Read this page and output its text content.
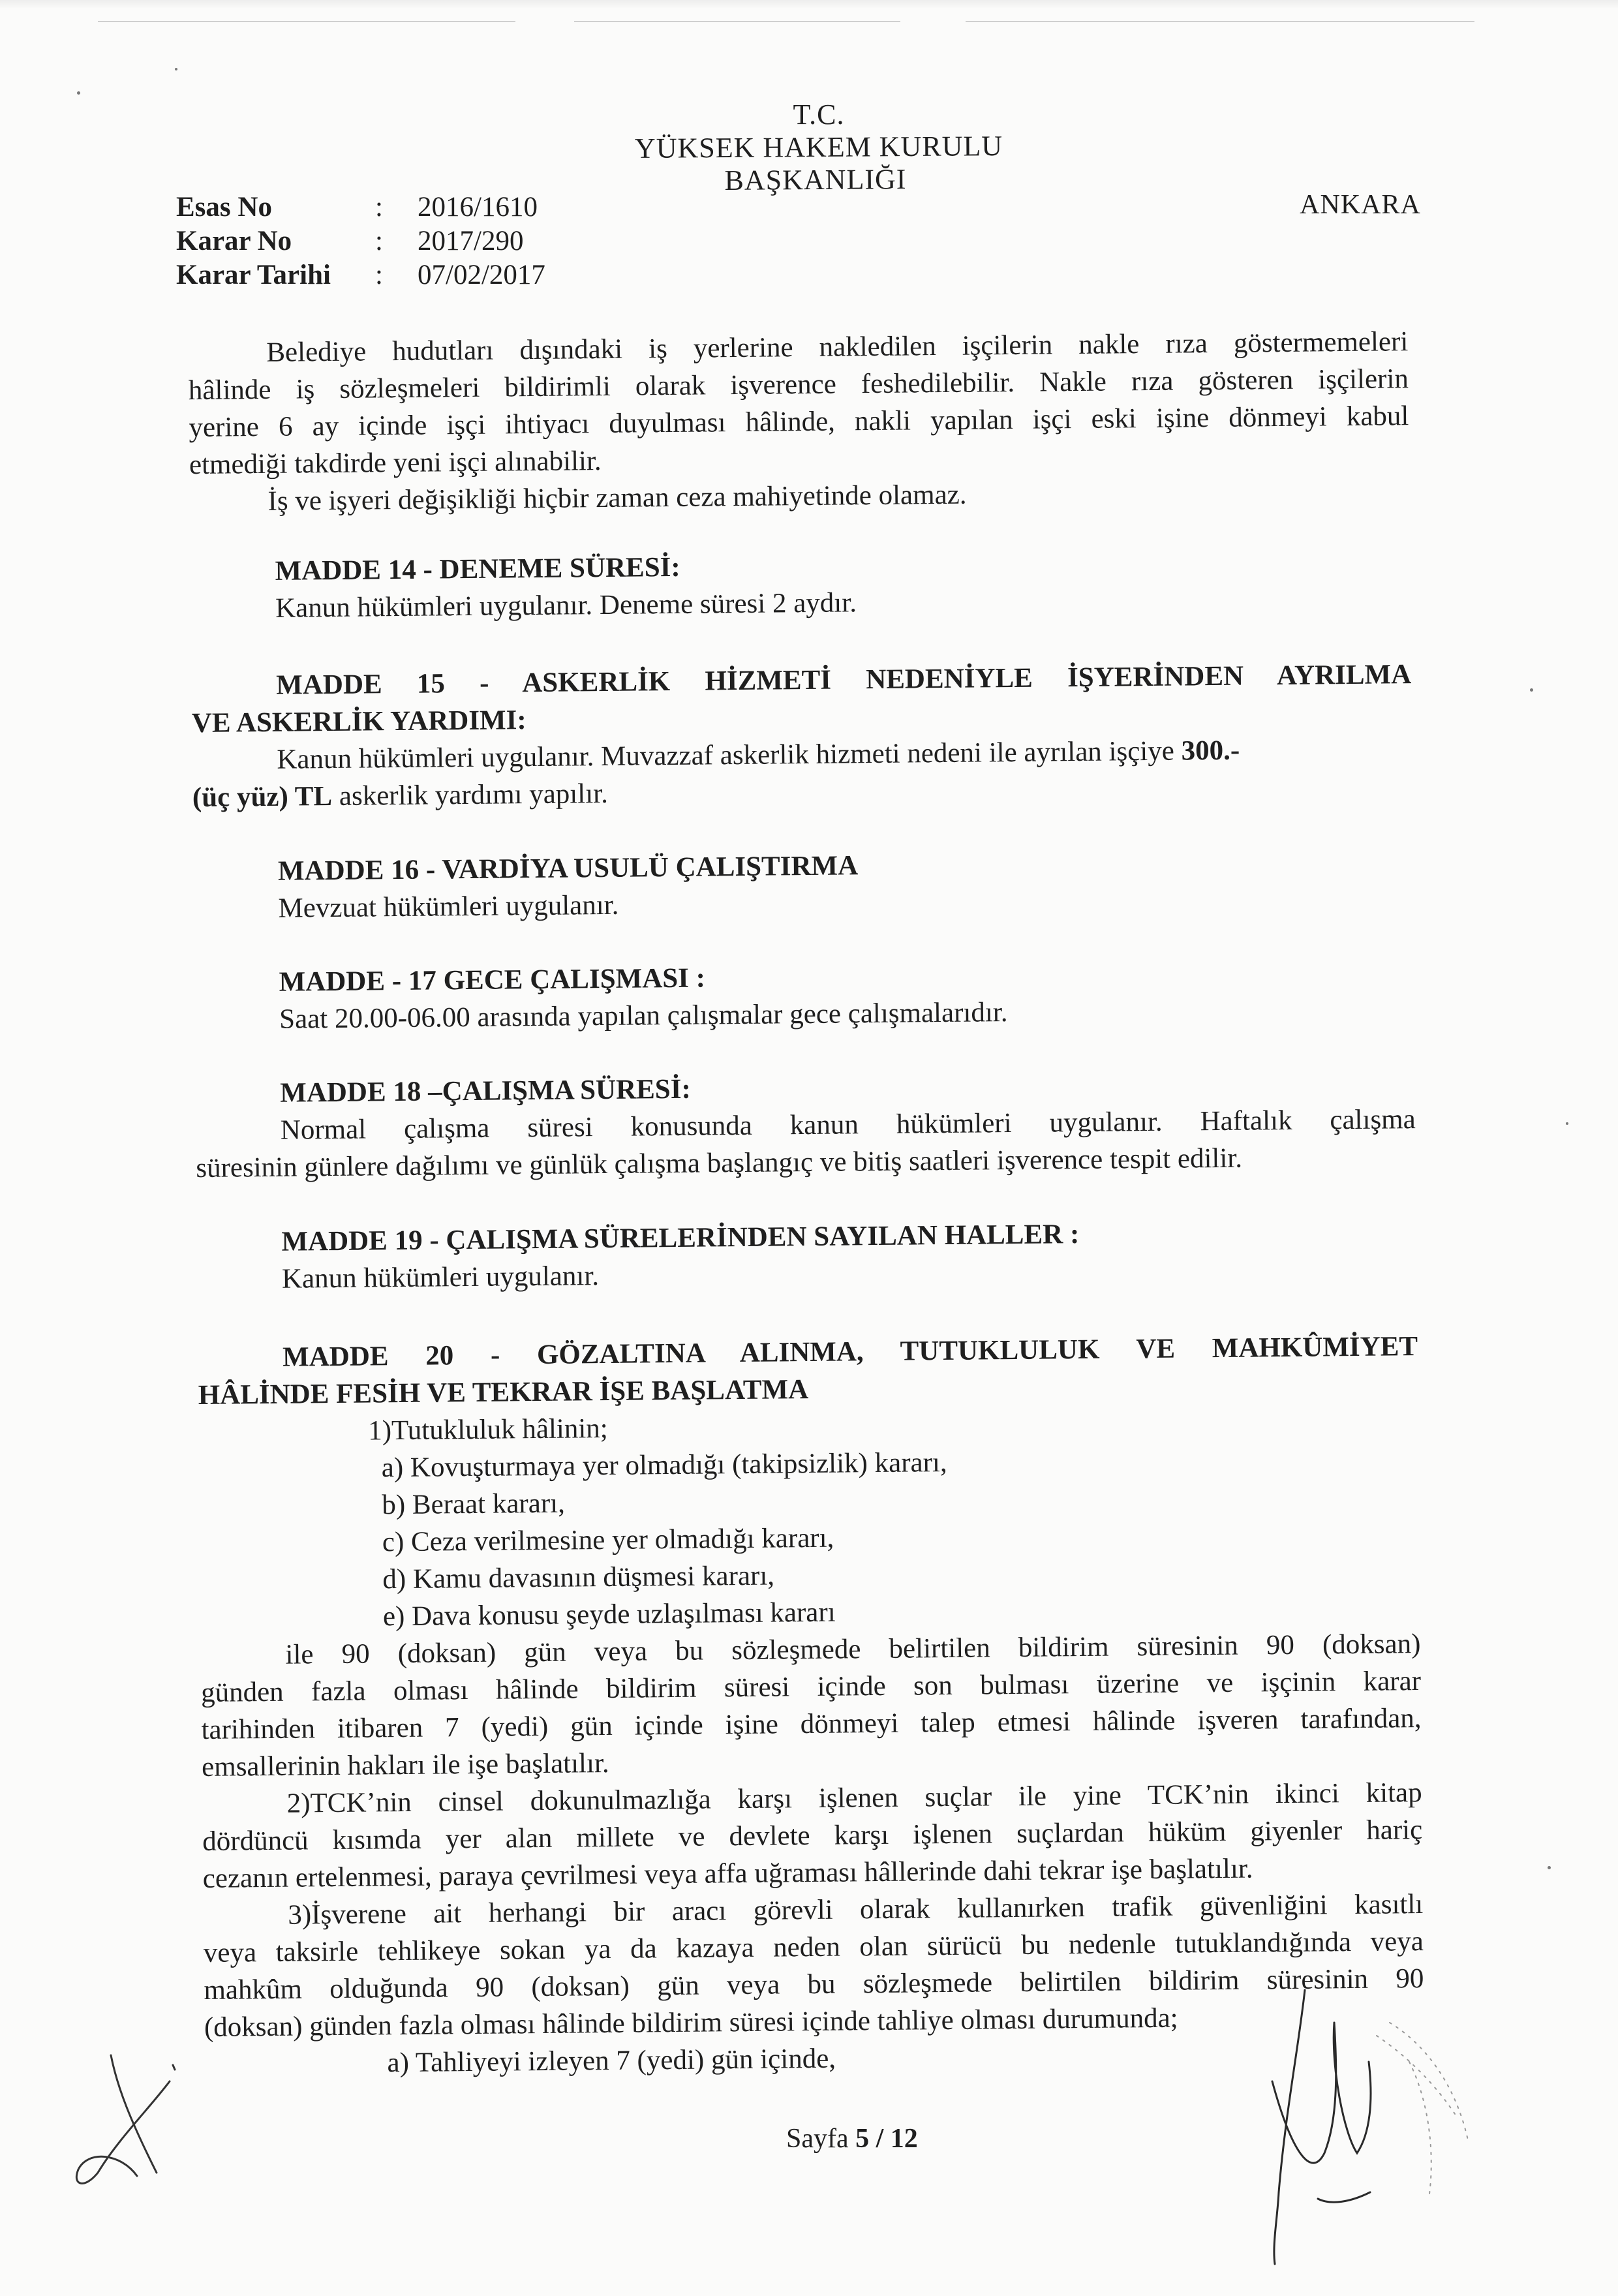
T.C.
YÜKSEK HAKEM KURULU
BAŞKANLIĞI
ANKARA
Esas No	: 2016/1610
Karar No	: 2017/290
Karar Tarihi : 07/02/2017
Belediye hudutları dışındaki iş yerlerine nakledilen işçilerin nakle rıza göstermemeleri
hâlinde iş sözleşmeleri bildirimli olarak işverence feshedilebilir. Nakle rıza gösteren işçilerin
yerine 6 ay içinde işçi ihtiyacı duyulması hâlinde, nakli yapılan işçi eski işine dönmeyi kabul
etmediği takdirde yeni işçi alınabilir.
İş ve işyeri değişikliği hiçbir zaman ceza mahiyetinde olamaz.
MADDE 14 - DENEME SÜRESİ:
Kanun hükümleri uygulanır. Deneme süresi 2 aydır.
MADDE 15 - ASKERLİK HİZMETİ NEDENİYLE İŞYERİNDEN AYRILMA
VE ASKERLİK YARDIMI:
Kanun hükümleri uygulanır. Muvazzaf askerlik hizmeti nedeni ile ayrılan işçiye 300.-
(üç yüz) TL askerlik yardımı yapılır.
MADDE 16 - VARDİYA USULÜ ÇALIŞTIRMA
Mevzuat hükümleri uygulanır.
MADDE - 17 GECE ÇALIŞMASI :
Saat 20.00-06.00 arasında yapılan çalışmalar gece çalışmalarıdır.
MADDE 18 –ÇALIŞMA SÜRESİ:
Normal çalışma süresi konusunda kanun hükümleri uygulanır. Haftalık çalışma
süresinin günlere dağılımı ve günlük çalışma başlangıç ve bitiş saatleri işverence tespit edilir.
MADDE 19 - ÇALIŞMA SÜRELERİNDEN SAYILAN HALLER :
Kanun hükümleri uygulanır.
MADDE 20 - GÖZALTINA ALINMA, TUTUKLULUK VE MAHKÛMİYET
HÂLİNDE FESİH VE TEKRAR İŞE BAŞLATMA
1)Tutukluluk hâlinin;
a) Kovuşturmaya yer olmadığı (takipsizlik) kararı,
b) Beraat kararı,
c) Ceza verilmesine yer olmadığı kararı,
d) Kamu davasının düşmesi kararı,
e) Dava konusu şeyde uzlaşılması kararı
ile 90 (doksan) gün veya bu sözleşmede belirtilen bildirim süresinin 90 (doksan)
günden fazla olması hâlinde bildirim süresi içinde son bulması üzerine ve işçinin karar
tarihinden itibaren 7 (yedi) gün içinde işine dönmeyi talep etmesi hâlinde işveren tarafından,
emsallerinin hakları ile işe başlatılır.
2)TCK’nin cinsel dokunulmazlığa karşı işlenen suçlar ile yine TCK’nin ikinci kitap
dördüncü kısımda yer alan millete ve devlete karşı işlenen suçlardan hüküm giyenler hariç
cezanın ertelenmesi, paraya çevrilmesi veya affa uğraması hâllerinde dahi tekrar işe başlatılır.
3)İşverene ait herhangi bir aracı görevli olarak kullanırken trafik güvenliğini kasıtlı
veya taksirle tehlikeye sokan ya da kazaya neden olan sürücü bu nedenle tutuklandığında veya
mahkûm olduğunda 90 (doksan) gün veya bu sözleşmede belirtilen bildirim süresinin 90
(doksan) günden fazla olması hâlinde bildirim süresi içinde tahliye olması durumunda;
a) Tahliyeyi izleyen 7 (yedi) gün içinde,
Sayfa 5 / 12
